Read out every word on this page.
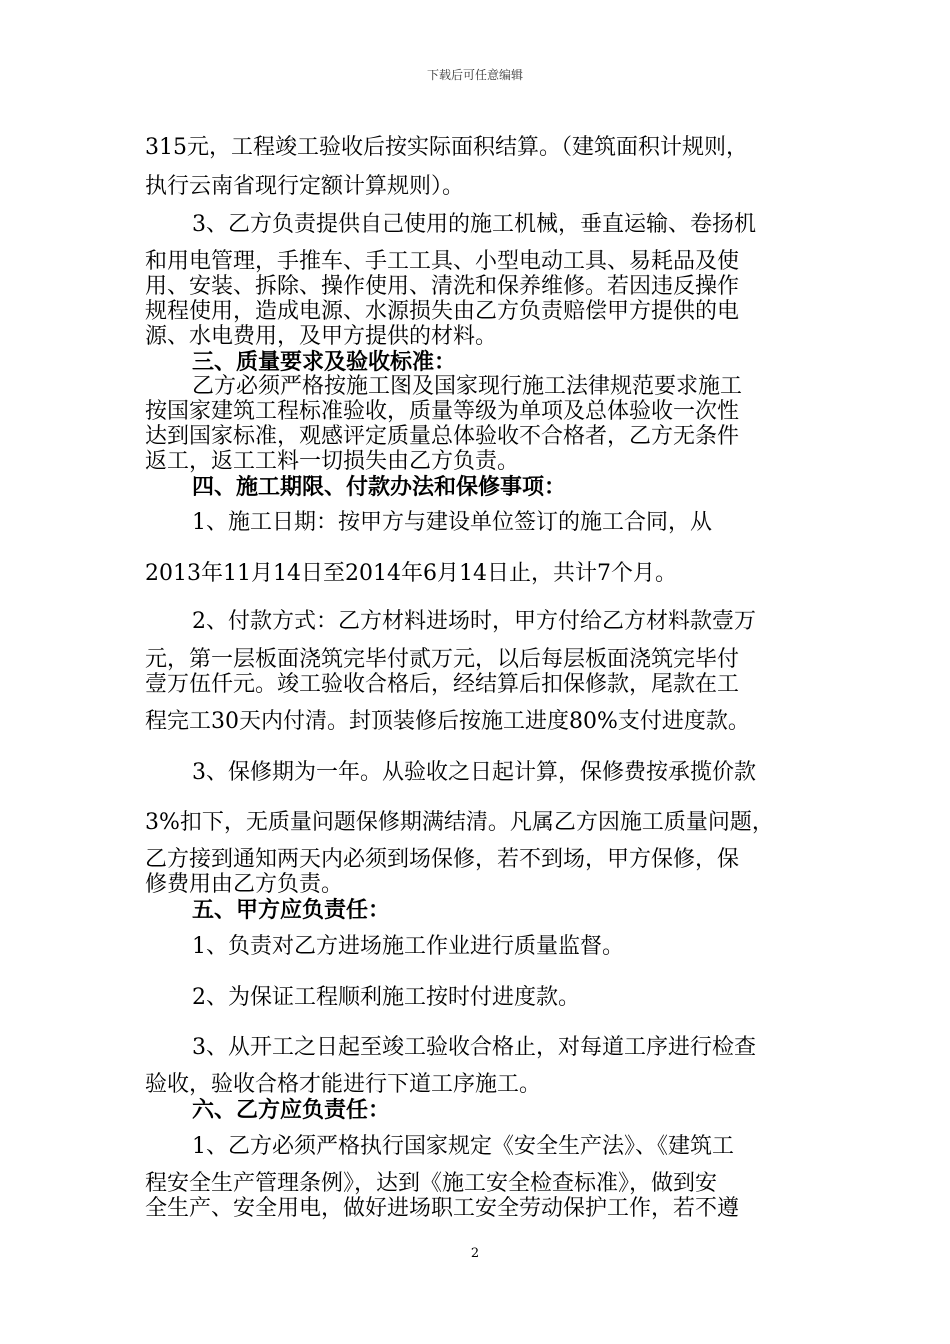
下载后可任意编辑
315元，工程竣工验收后按实际面积结算。（建筑面积计规则，
执行云南省现行定额计算规则）。
3、乙方负责提供自己使用的施工机械，垂直运输、卷扬机
和用电管理，手推车、手工工具、小型电动工具、易耗品及使
用、安装、拆除、操作使用、清洗和保养维修。若因违反操作
规程使用，造成电源、水源损失由乙方负责赔偿甲方提供的电
源、水电费用，及甲方提供的材料。
三、质量要求及验收标准：
乙方必须严格按施工图及国家现行施工法律规范要求施工
按国家建筑工程标准验收，质量等级为单项及总体验收一次性
达到国家标准，观感评定质量总体验收不合格者，乙方无条件
返工，返工工料一切损失由乙方负责。
四、施工期限、付款办法和保修事项：
1、施工日期：按甲方与建设单位签订的施工合同，从
2013年11月14日至2014年6月14日止，共计7个月。
2、付款方式：乙方材料进场时，甲方付给乙方材料款壹万
元，第一层板面浇筑完毕付贰万元，以后每层板面浇筑完毕付
壹万伍仟元。竣工验收合格后，经结算后扣保修款，尾款在工
程完工30天内付清。封顶装修后按施工进度80%支付进度款。
3、保修期为一年。从验收之日起计算，保修费按承揽价款
3%扣下，无质量问题保修期满结清。凡属乙方因施工质量问题，
乙方接到通知两天内必须到场保修，若不到场，甲方保修，保
修费用由乙方负责。
五、甲方应负责任：
1、负责对乙方进场施工作业进行质量监督。
2、为保证工程顺利施工按时付进度款。
3、从开工之日起至竣工验收合格止，对每道工序进行检查
验收，验收合格才能进行下道工序施工。
六、乙方应负责任：
1、乙方必须严格执行国家规定《安全生产法》、《建筑工
程安全生产管理条例》，达到《施工安全检查标准》，做到安
全生产、安全用电，做好进场职工安全劳动保护工作，若不遵
2
